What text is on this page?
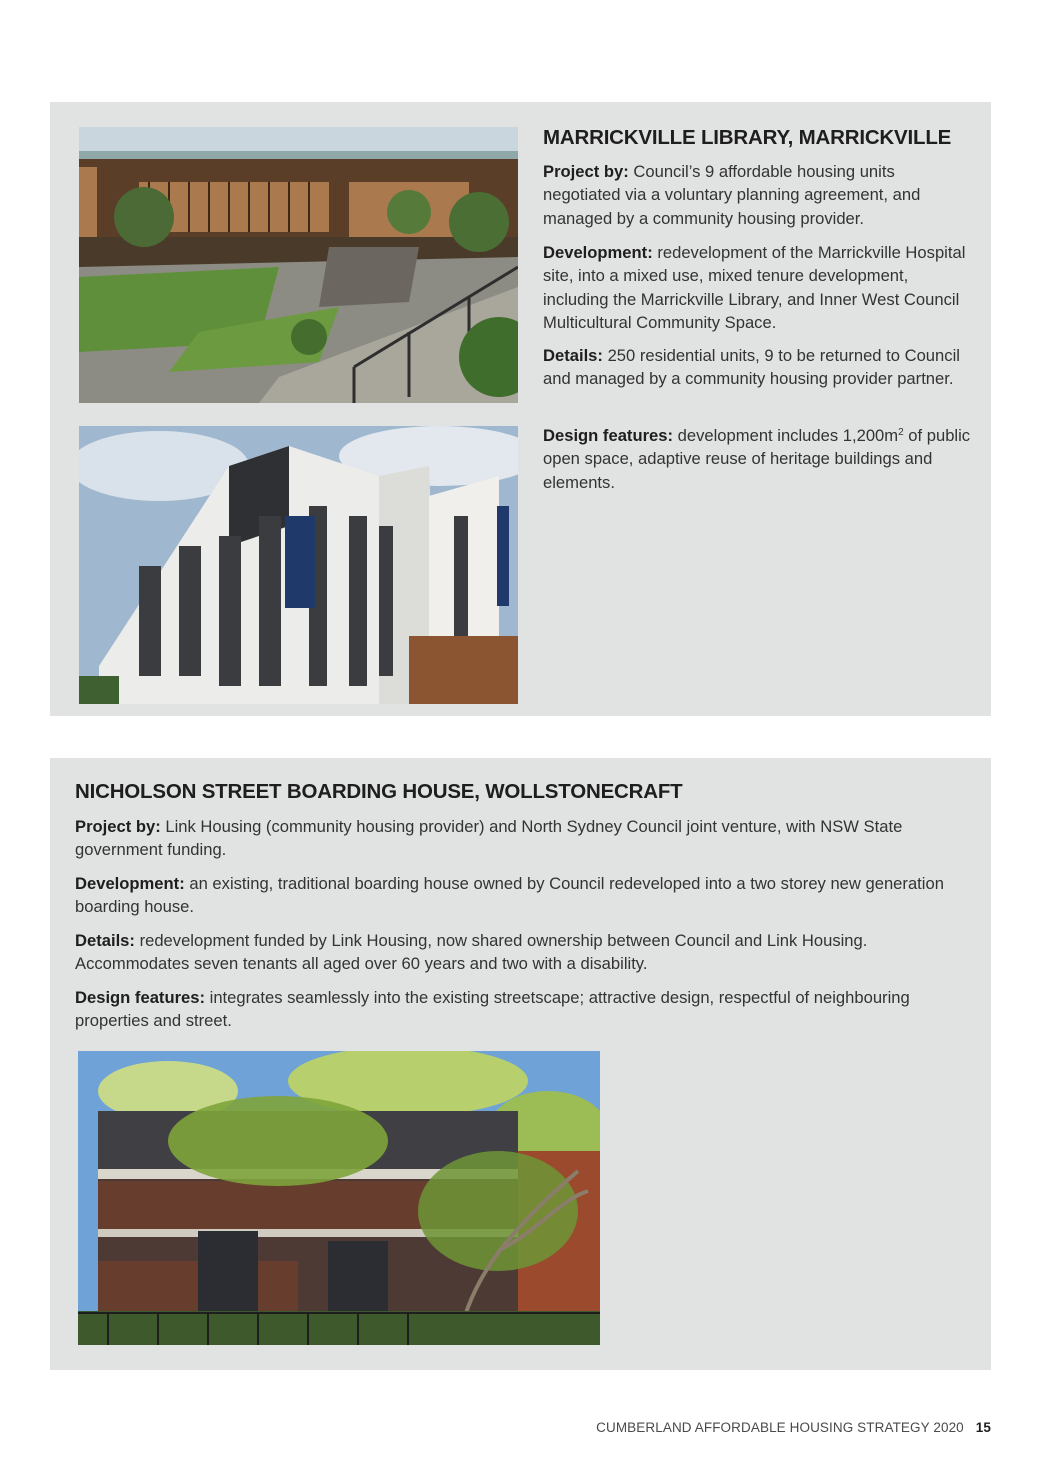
MARRICKVILLE LIBRARY, MARRICKVILLE

Project by: Council’s 9 affordable housing units negotiated via a voluntary planning agreement, and managed by a community housing provider.

Development: redevelopment of the Marrickville Hospital site, into a mixed use, mixed tenure development, including the Marrickville Library, and Inner West Council Multicultural Community Space.

Details: 250 residential units, 9 to be returned to Council and managed by a community housing provider partner.

Design features: development includes $1,200m^2$ of public open space, adaptive reuse of heritage buildings and elements.

NICHOLSON STREET BOARDING HOUSE, WOLLSTONECRAFT

Project by: Link Housing (community housing provider) and North Sydney Council joint venture, with NSW State government funding.

Development: an existing, traditional boarding house owned by Council redeveloped into a two storey new generation boarding house.

Details: redevelopment funded by Link Housing, now shared ownership between Council and Link Housing. Accommodates seven tenants all aged over 60 years and two with a disability.

Design features: integrates seamlessly into the existing streetscape; attractive design, respectful of neighbouring properties and street.

CUMBERLAND AFFORDABLE HOUSING STRATEGY 2020 15
